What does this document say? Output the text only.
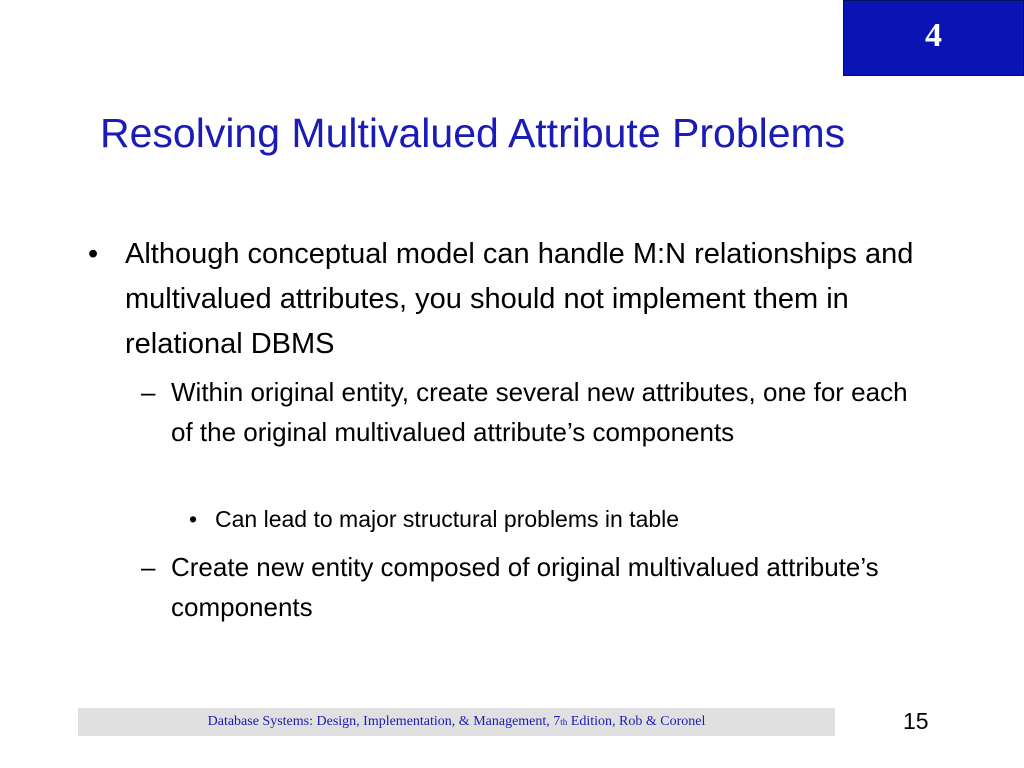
4
Resolving Multivalued Attribute Problems
• Although conceptual model can handle M:N relationships and multivalued attributes, you should not implement them in relational DBMS
– Within original entity, create several new attributes, one for each of the original multivalued attribute’s components
• Can lead to major structural problems in table
– Create new entity composed of original multivalued attribute’s components
Database Systems: Design, Implementation, & Management, 7 th Edition, Rob & Coronel	15
